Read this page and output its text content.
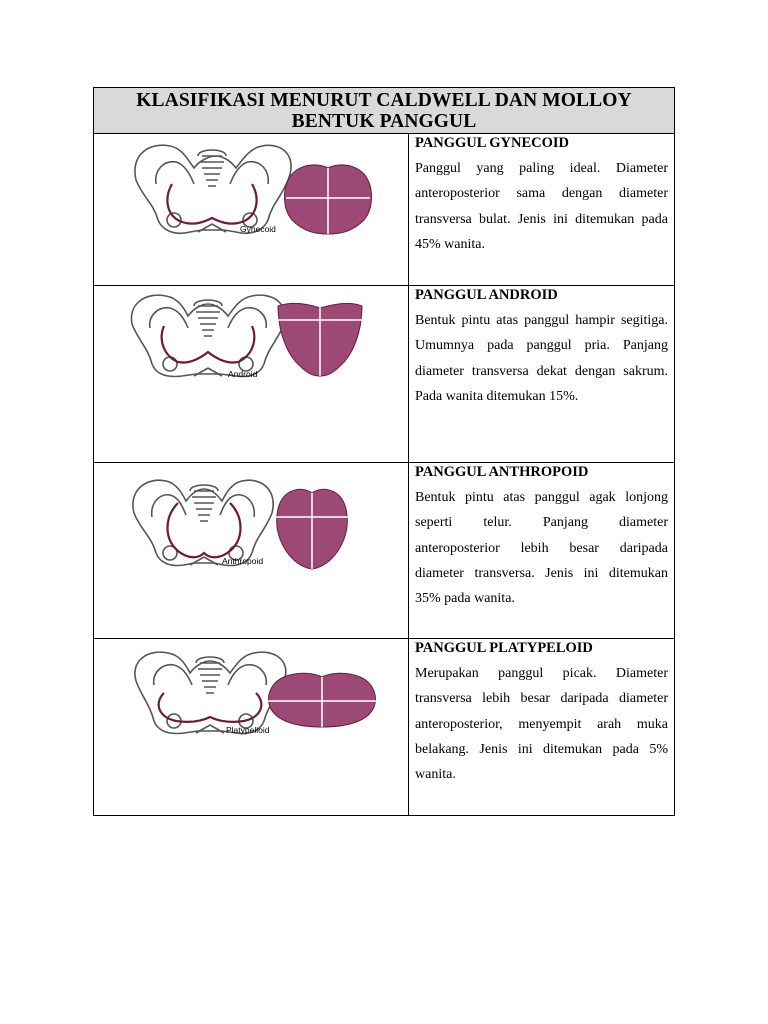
KLASIFIKASI MENURUT CALDWELL DAN MOLLOY
BENTUK PANGGUL
Gynecoid
PANGGUL GYNECOID
Panggul yang paling ideal. Diameter anteroposterior sama dengan diameter transversa bulat. Jenis ini ditemukan pada 45% wanita.
Android
PANGGUL ANDROID
Bentuk pintu atas panggul hampir segitiga. Umumnya pada panggul pria. Panjang diameter transversa dekat dengan sakrum. Pada wanita ditemukan 15%.
Anthropoid
PANGGUL ANTHROPOID
Bentuk pintu atas panggul agak lonjong seperti telur. Panjang diameter anteroposterior lebih besar daripada diameter transversa. Jenis ini ditemukan 35% pada wanita.
Platypelloid
PANGGUL PLATYPELOID
Merupakan panggul picak. Diameter transversa lebih besar daripada diameter anteroposterior, menyempit arah muka belakang. Jenis ini ditemukan pada 5% wanita.
